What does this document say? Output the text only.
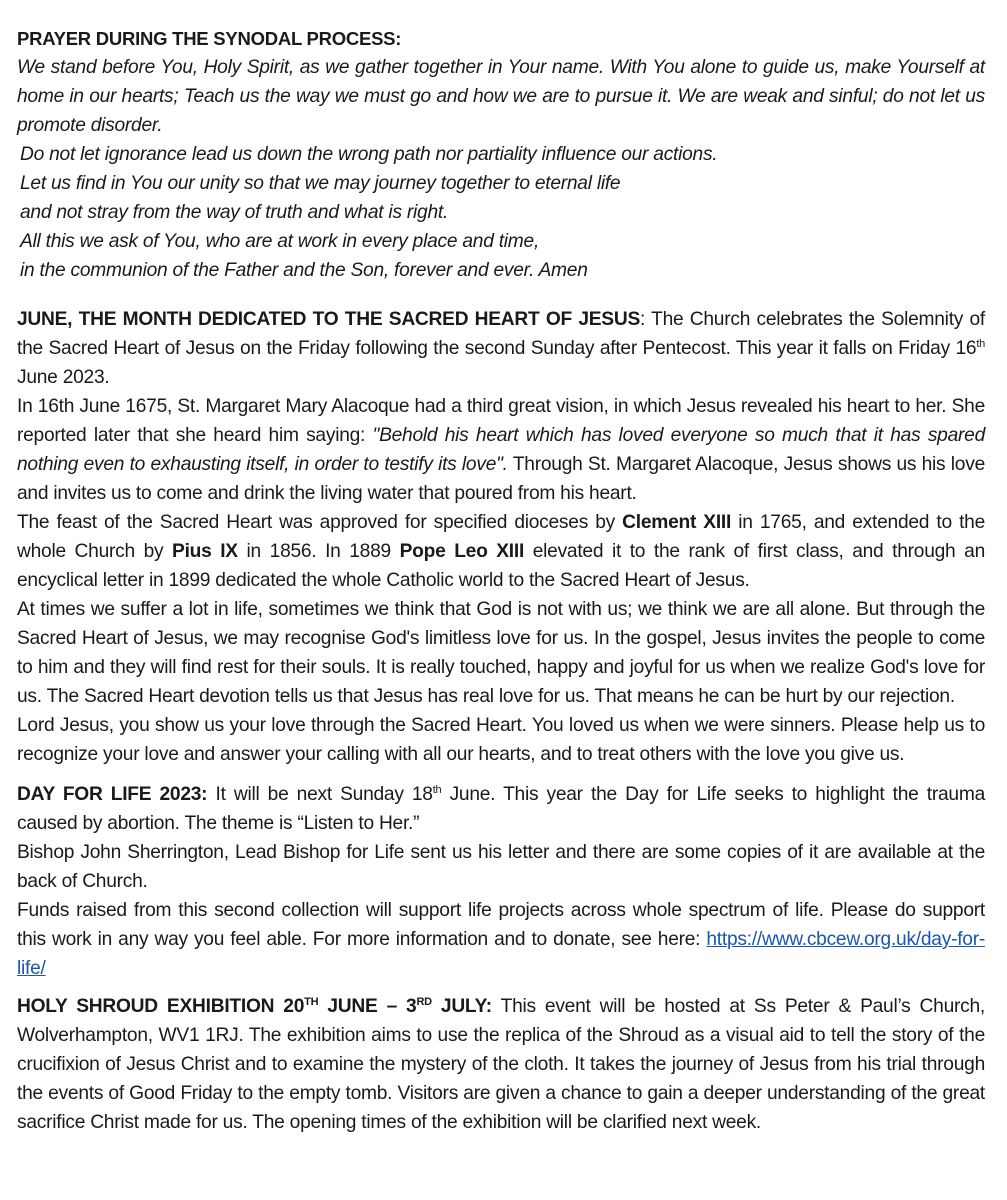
PRAYER DURING THE SYNODAL PROCESS:

We stand before You, Holy Spirit, as we gather together in Your name. With You alone to guide us, make Yourself at home in our hearts; Teach us the way we must go and how we are to pursue it. We are weak and sinful; do not let us promote disorder.

Do not let ignorance lead us down the wrong path nor partiality influence our actions.
Let us find in You our unity so that we may journey together to eternal life
and not stray from the way of truth and what is right.
All this we ask of You, who are at work in every place and time,
in the communion of the Father and the Son, forever and ever. Amen

JUNE, THE MONTH DEDICATED TO THE SACRED HEART OF JESUS: The Church celebrates the Solemnity of the Sacred Heart of Jesus on the Friday following the second Sunday after Pentecost. This year it falls on Friday 16th June 2023.

In 16th June 1675, St. Margaret Mary Alacoque had a third great vision, in which Jesus revealed his heart to her. She reported later that she heard him saying: "Behold his heart which has loved everyone so much that it has spared nothing even to exhausting itself, in order to testify its love". Through St. Margaret Alacoque, Jesus shows us his love and invites us to come and drink the living water that poured from his heart.

The feast of the Sacred Heart was approved for specified dioceses by Clement XIII in 1765, and extended to the whole Church by Pius IX in 1856. In 1889 Pope Leo XIII elevated it to the rank of first class, and through an encyclical letter in 1899 dedicated the whole Catholic world to the Sacred Heart of Jesus.

At times we suffer a lot in life, sometimes we think that God is not with us; we think we are all alone. But through the Sacred Heart of Jesus, we may recognise God's limitless love for us. In the gospel, Jesus invites the people to come to him and they will find rest for their souls. It is really touched, happy and joyful for us when we realize God's love for us. The Sacred Heart devotion tells us that Jesus has real love for us. That means he can be hurt by our rejection.

Lord Jesus, you show us your love through the Sacred Heart. You loved us when we were sinners. Please help us to recognize your love and answer your calling with all our hearts, and to treat others with the love you give us.

DAY FOR LIFE 2023: It will be next Sunday 18th June. This year the Day for Life seeks to highlight the trauma caused by abortion. The theme is “Listen to Her.”

Bishop John Sherrington, Lead Bishop for Life sent us his letter and there are some copies of it are available at the back of Church.

Funds raised from this second collection will support life projects across whole spectrum of life. Please do support this work in any way you feel able. For more information and to donate, see here: https://www.cbcew.org.uk/day-for-life/

HOLY SHROUD EXHIBITION 20TH JUNE – 3RD JULY: This event will be hosted at Ss Peter & Paul’s Church, Wolverhampton, WV1 1RJ. The exhibition aims to use the replica of the Shroud as a visual aid to tell the story of the crucifixion of Jesus Christ and to examine the mystery of the cloth. It takes the journey of Jesus from his trial through the events of Good Friday to the empty tomb. Visitors are given a chance to gain a deeper understanding of the great sacrifice Christ made for us. The opening times of the exhibition will be clarified next week.
